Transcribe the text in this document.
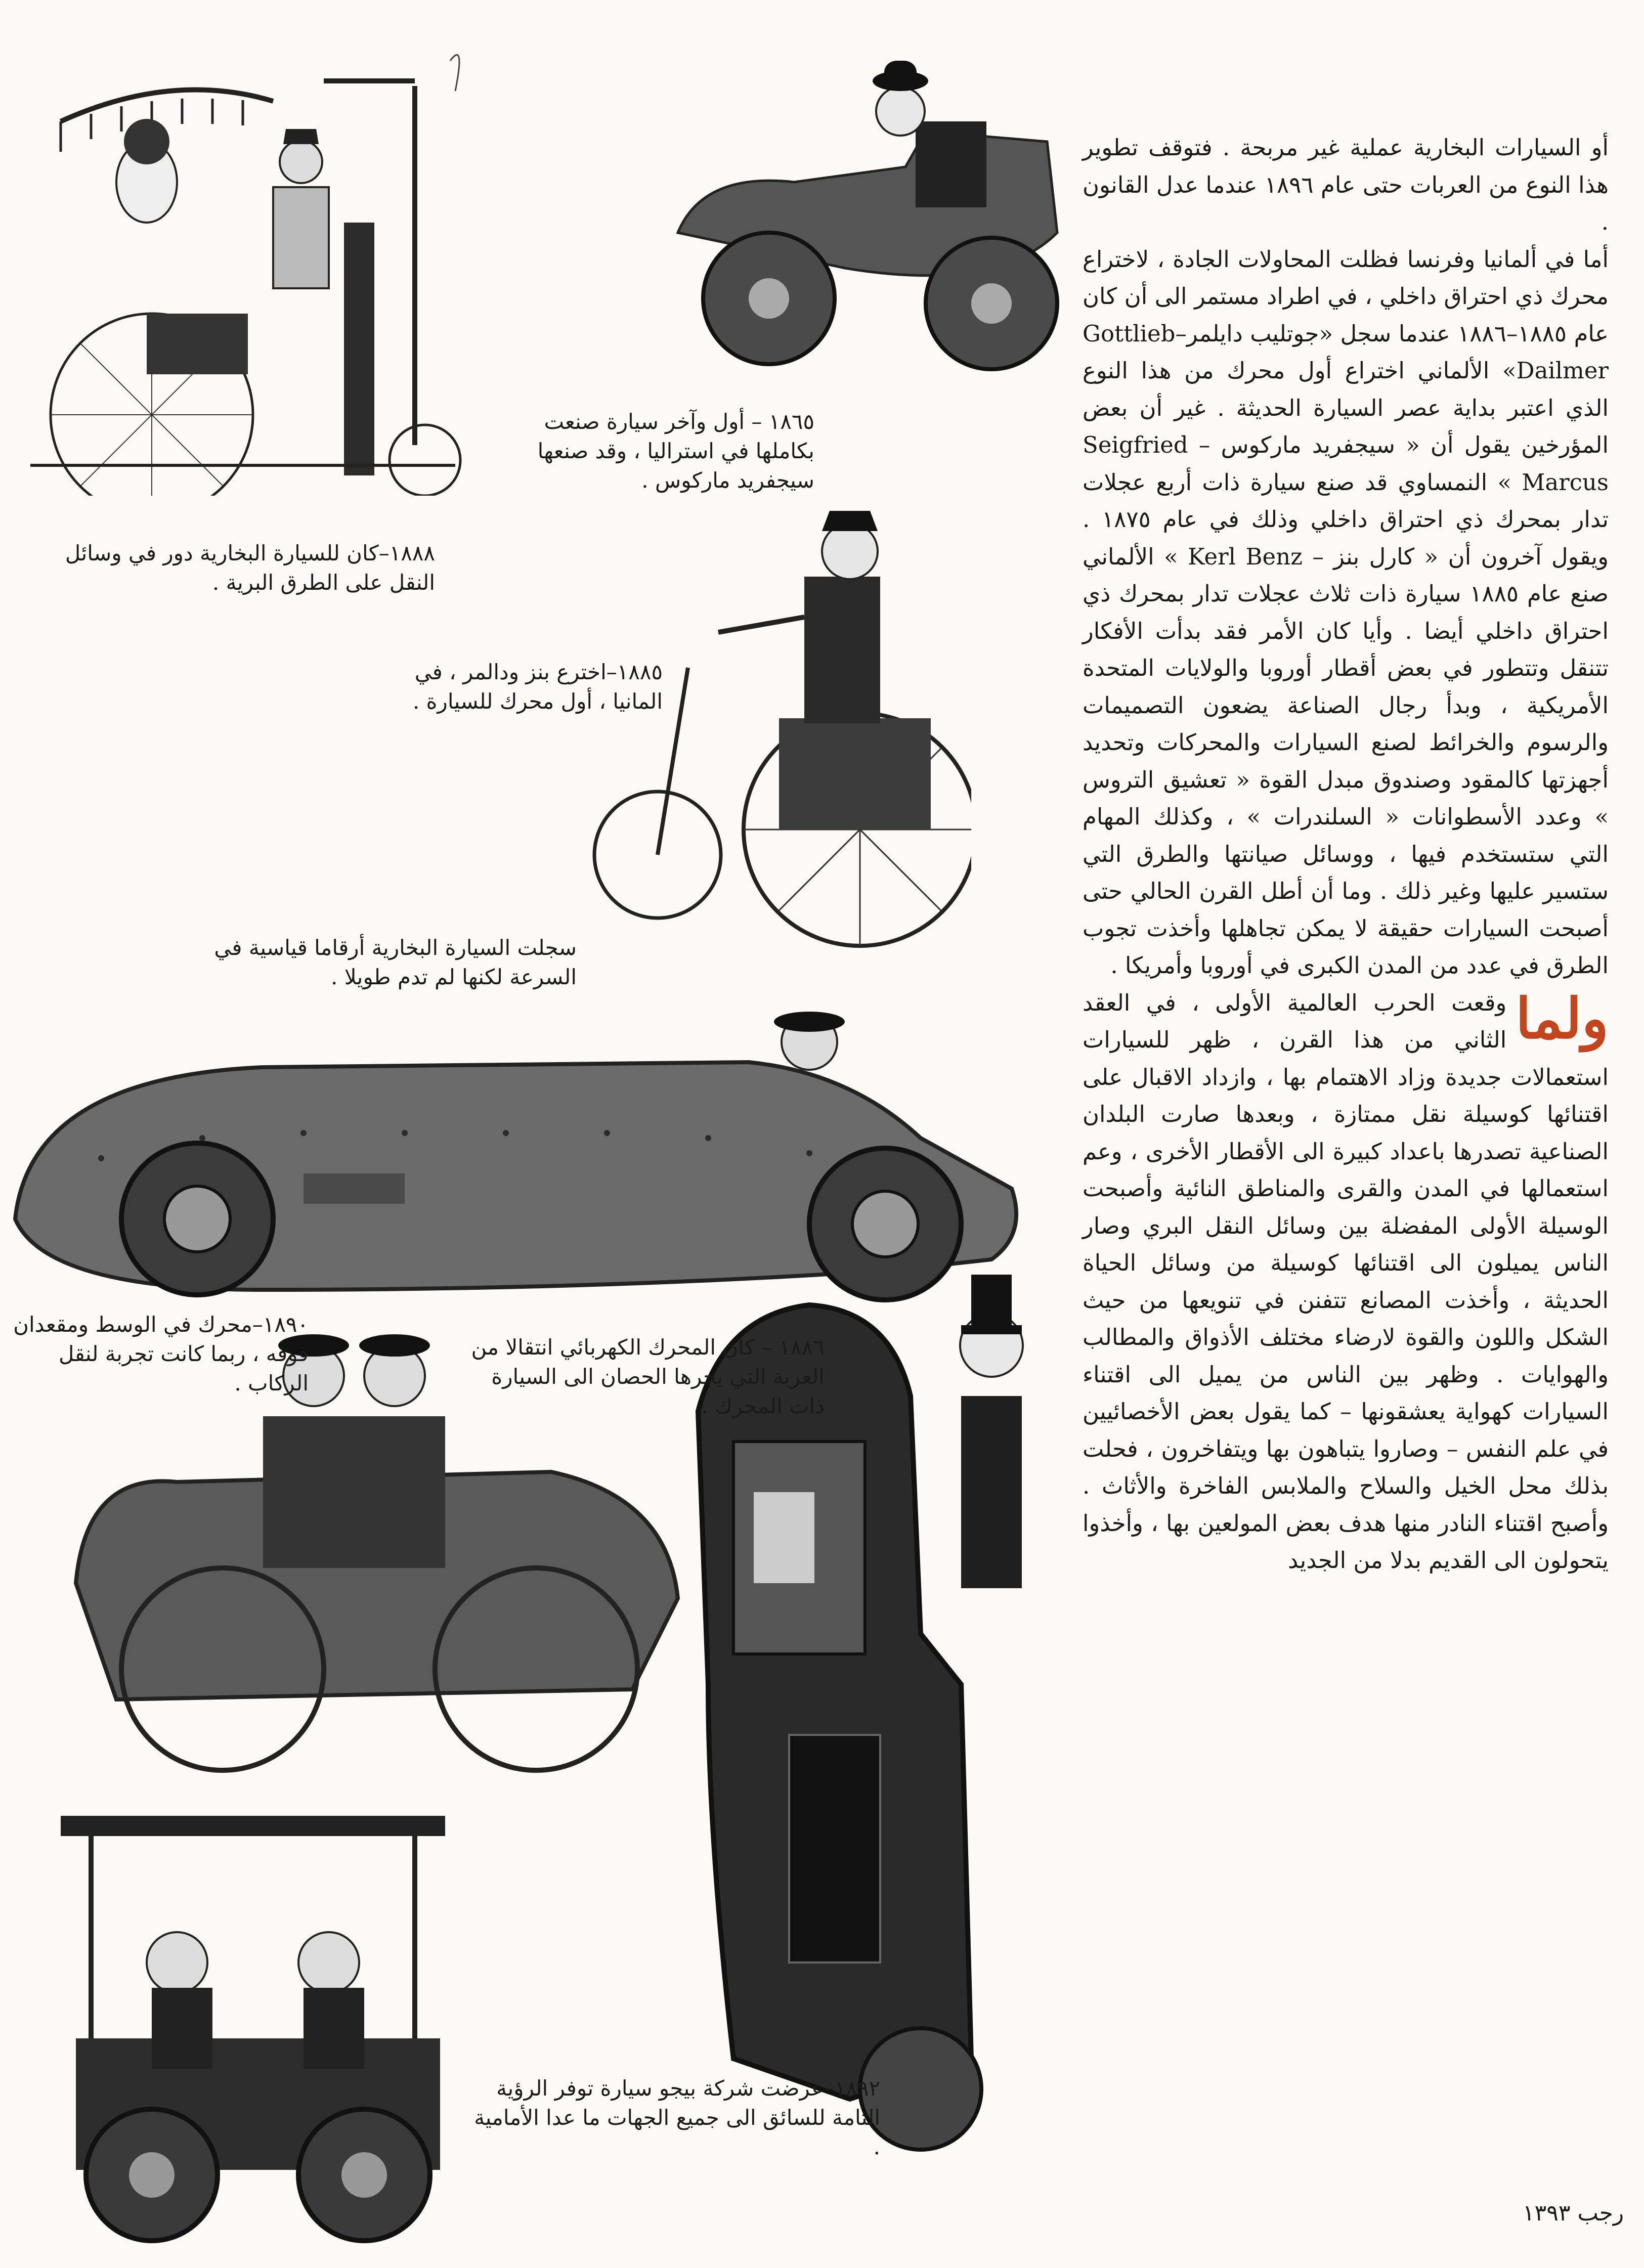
أو السيارات البخارية عملية غير مربحة . فتوقف تطوير هذا النوع من العربات حتى عام ١٨٩٦ عندما عدل القانون .

أما في ألمانيا وفرنسا فظلت المحاولات الجادة ، لاختراع محرك ذي احتراق داخلي ، في اطراد مستمر الى أن كان عام ١٨٨٥–١٨٨٦ عندما سجل «جوتليب دايلمر–Gottlieb Dailmer» الألماني اختراع أول محرك من هذا النوع الذي اعتبر بداية عصر السيارة الحديثة . غير أن بعض المؤرخين يقول أن « سيجفريد ماركوس – Seigfried Marcus » النمساوي قد صنع سيارة ذات أربع عجلات تدار بمحرك ذي احتراق داخلي وذلك في عام ١٨٧٥ . ويقول آخرون أن « كارل بنز – Kerl Benz » الألماني صنع عام ١٨٨٥ سيارة ذات ثلاث عجلات تدار بمحرك ذي احتراق داخلي أيضا . وأيا كان الأمر فقد بدأت الأفكار تتنقل وتتطور في بعض أقطار أوروبا والولايات المتحدة الأمريكية ، وبدأ رجال الصناعة يضعون التصميمات والرسوم والخرائط لصنع السيارات والمحركات وتحديد أجهزتها كالمقود وصندوق مبدل القوة « تعشيق التروس » وعدد الأسطوانات « السلندرات » ، وكذلك المهام التي ستستخدم فيها ، ووسائل صيانتها والطرق التي ستسير عليها وغير ذلك . وما أن أطل القرن الحالي حتى أصبحت السيارات حقيقة لا يمكن تجاهلها وأخذت تجوب الطرق في عدد من المدن الكبرى في أوروبا وأمريكا .

ولما
وقعت الحرب العالمية الأولى ، في العقد الثاني من هذا القرن ، ظهر للسيارات استعمالات جديدة وزاد الاهتمام بها ، وازداد الاقبال على اقتنائها كوسيلة نقل ممتازة ، وبعدها صارت البلدان الصناعية تصدرها باعداد كبيرة الى الأقطار الأخرى ، وعم استعمالها في المدن والقرى والمناطق النائية وأصبحت الوسيلة الأولى المفضلة بين وسائل النقل البري وصار الناس يميلون الى اقتنائها كوسيلة من وسائل الحياة الحديثة ، وأخذت المصانع تتفنن في تنويعها من حيث الشكل واللون والقوة لارضاء مختلف الأذواق والمطالب والهوايات . وظهر بين الناس من يميل الى اقتناء السيارات كهواية يعشقونها – كما يقول بعض الأخصائيين في علم النفس – وصاروا يتباهون بها ويتفاخرون ، فحلت بذلك محل الخيل والسلاح والملابس الفاخرة والأثاث . وأصبح اقتناء النادر منها هدف بعض المولعين بها ، وأخذوا يتحولون الى القديم بدلا من الجديد

١٨٦٥ – أول وآخر سيارة صنعت بكاملها في استراليا ، وقد صنعها سيجفريد ماركوس .
١٨٨٨–كان للسيارة البخارية دور في وسائل النقل على الطرق البرية .
١٨٨٥–اخترع بنز ودالمر ، في المانيا ، أول محرك للسيارة .
سجلت السيارة البخارية أرقاما قياسية في السرعة لكنها لم تدم طويلا .
١٨٩٠–محرك في الوسط ومقعدان فوقه ، ربما كانت تجربة لنقل الركاب .
١٨٨٦ – كان المحرك الكهربائي انتقالا من العربة التي يجرها الحصان الى السيارة ذات المحرك .
١٨٩٢–عرضت شركة بيجو سيارة توفر الرؤية التامة للسائق الى جميع الجهات ما عدا الأمامية .
رجب ١٣٩٣
